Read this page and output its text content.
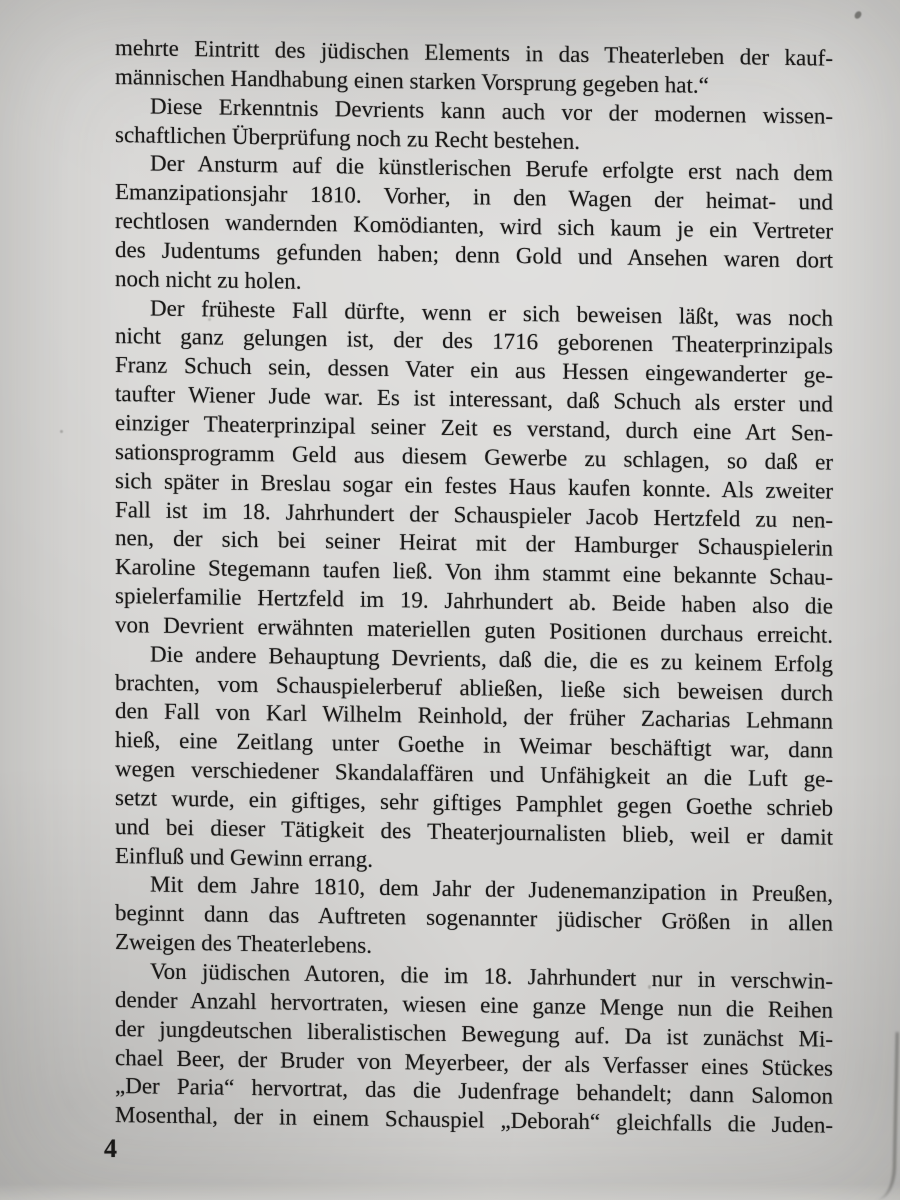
mehrte Eintritt des jüdischen Elements in das Theaterleben der kauf-
männischen Handhabung einen starken Vorsprung gegeben hat.“
Diese Erkenntnis Devrients kann auch vor der modernen wissen-
schaftlichen Überprüfung noch zu Recht bestehen.
Der Ansturm auf die künstlerischen Berufe erfolgte erst nach dem
Emanzipationsjahr 1810. Vorher, in den Wagen der heimat- und
rechtlosen wandernden Komödianten, wird sich kaum je ein Vertreter
des Judentums gefunden haben; denn Gold und Ansehen waren dort
noch nicht zu holen.
Der früheste Fall dürfte, wenn er sich beweisen läßt, was noch
nicht ganz gelungen ist, der des 1716 geborenen Theaterprinzipals
Franz Schuch sein, dessen Vater ein aus Hessen eingewanderter ge-
taufter Wiener Jude war. Es ist interessant, daß Schuch als erster und
einziger Theaterprinzipal seiner Zeit es verstand, durch eine Art Sen-
sationsprogramm Geld aus diesem Gewerbe zu schlagen, so daß er
sich später in Breslau sogar ein festes Haus kaufen konnte. Als zweiter
Fall ist im 18. Jahrhundert der Schauspieler Jacob Hertzfeld zu nen-
nen, der sich bei seiner Heirat mit der Hamburger Schauspielerin
Karoline Stegemann taufen ließ. Von ihm stammt eine bekannte Schau-
spielerfamilie Hertzfeld im 19. Jahrhundert ab. Beide haben also die
von Devrient erwähnten materiellen guten Positionen durchaus erreicht.
Die andere Behauptung Devrients, daß die, die es zu keinem Erfolg
brachten, vom Schauspielerberuf abließen, ließe sich beweisen durch
den Fall von Karl Wilhelm Reinhold, der früher Zacharias Lehmann
hieß, eine Zeitlang unter Goethe in Weimar beschäftigt war, dann
wegen verschiedener Skandalaffären und Unfähigkeit an die Luft ge-
setzt wurde, ein giftiges, sehr giftiges Pamphlet gegen Goethe schrieb
und bei dieser Tätigkeit des Theaterjournalisten blieb, weil er damit
Einfluß und Gewinn errang.
Mit dem Jahre 1810, dem Jahr der Judenemanzipation in Preußen,
beginnt dann das Auftreten sogenannter jüdischer Größen in allen
Zweigen des Theaterlebens.
Von jüdischen Autoren, die im 18. Jahrhundert nur in verschwin-
dender Anzahl hervortraten, wiesen eine ganze Menge nun die Reihen
der jungdeutschen liberalistischen Bewegung auf. Da ist zunächst Mi-
chael Beer, der Bruder von Meyerbeer, der als Verfasser eines Stückes
„Der Paria“ hervortrat, das die Judenfrage behandelt; dann Salomon
Mosenthal, der in einem Schauspiel „Deborah“ gleichfalls die Juden-
4
